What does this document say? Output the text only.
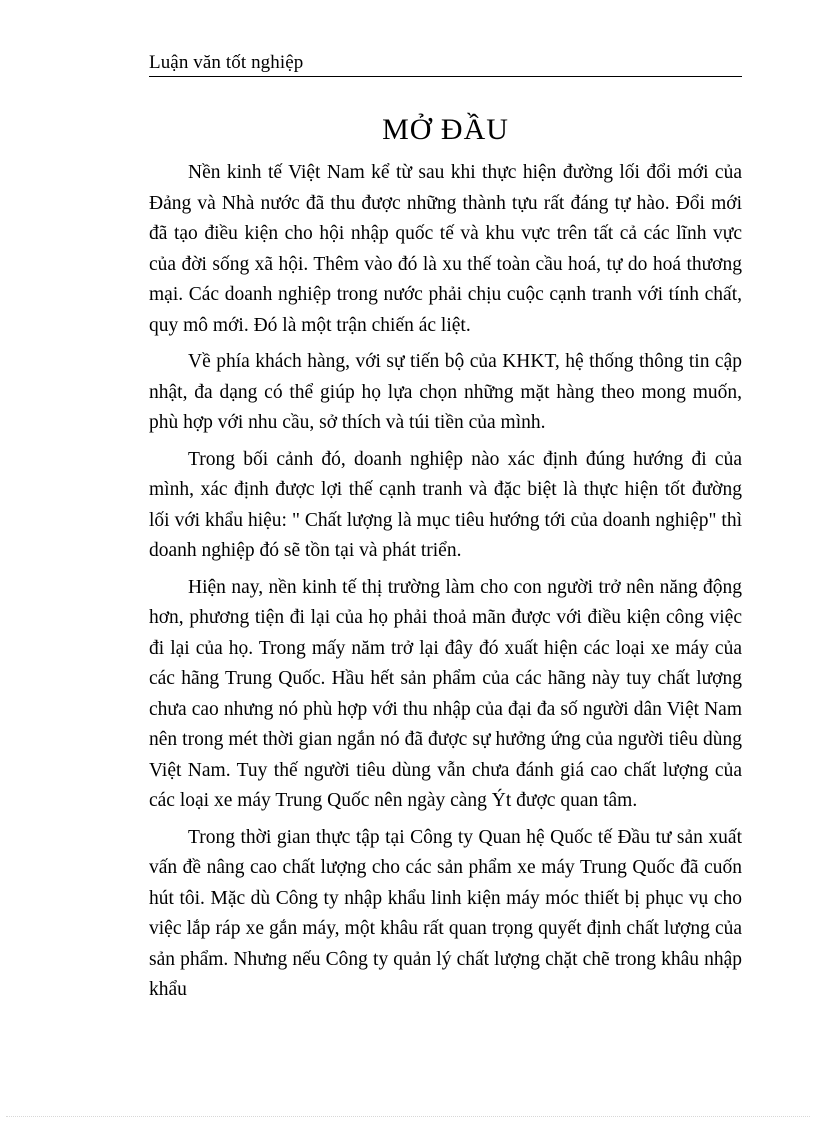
Luận văn tốt nghiệp
MỞ ĐẦU

Nền kinh tế Việt Nam kể từ sau khi thực hiện đường lối đổi mới của Đảng và Nhà nước đã thu được những thành tựu rất đáng tự hào. Đổi mới đã tạo điều kiện cho hội nhập quốc tế và khu vực trên tất cả các lĩnh vực của đời sống xã hội. Thêm vào đó là xu thế toàn cầu hoá, tự do hoá thương mại. Các doanh nghiệp trong nước phải chịu cuộc cạnh tranh với tính chất, quy mô mới. Đó là một trận chiến ác liệt.

Về phía khách hàng, với sự tiến bộ của KHKT, hệ thống thông tin cập nhật, đa dạng có thể giúp họ lựa chọn những mặt hàng theo mong muốn, phù hợp với nhu cầu, sở thích và túi tiền của mình.

Trong bối cảnh đó, doanh nghiệp nào xác định đúng hướng đi của mình, xác định được lợi thế cạnh tranh và đặc biệt là thực hiện tốt đường lối với khẩu hiệu: " Chất lượng là mục tiêu hướng tới của doanh nghiệp" thì doanh nghiệp đó sẽ tồn tại và phát triển.

Hiện nay, nền kinh tế thị trường làm cho con người trở nên năng động hơn, phương tiện đi lại của họ phải thoả mãn được với điều kiện công việc đi lại của họ. Trong mấy năm trở lại đây đó xuất hiện các loại xe máy của các hãng Trung Quốc. Hầu hết sản phẩm của các hãng này tuy chất lượng chưa cao nhưng nó phù hợp với thu nhập của đại đa số người dân Việt Nam nên trong mét thời gian ngắn nó đã được sự hưởng ứng của người tiêu dùng Việt Nam. Tuy thế người tiêu dùng vẫn chưa đánh giá cao chất lượng của các loại xe máy Trung Quốc nên ngày càng Ýt được quan tâm.

Trong thời gian thực tập tại Công ty Quan hệ Quốc tế Đầu tư sản xuất vấn đề nâng cao chất lượng cho các sản phẩm xe máy Trung Quốc đã cuốn hút tôi. Mặc dù Công ty nhập khẩu linh kiện máy móc thiết bị phục vụ cho việc lắp ráp xe gắn máy, một khâu rất quan trọng quyết định chất lượng của sản phẩm. Nhưng nếu Công ty quản lý chất lượng chặt chẽ trong khâu nhập khẩu
